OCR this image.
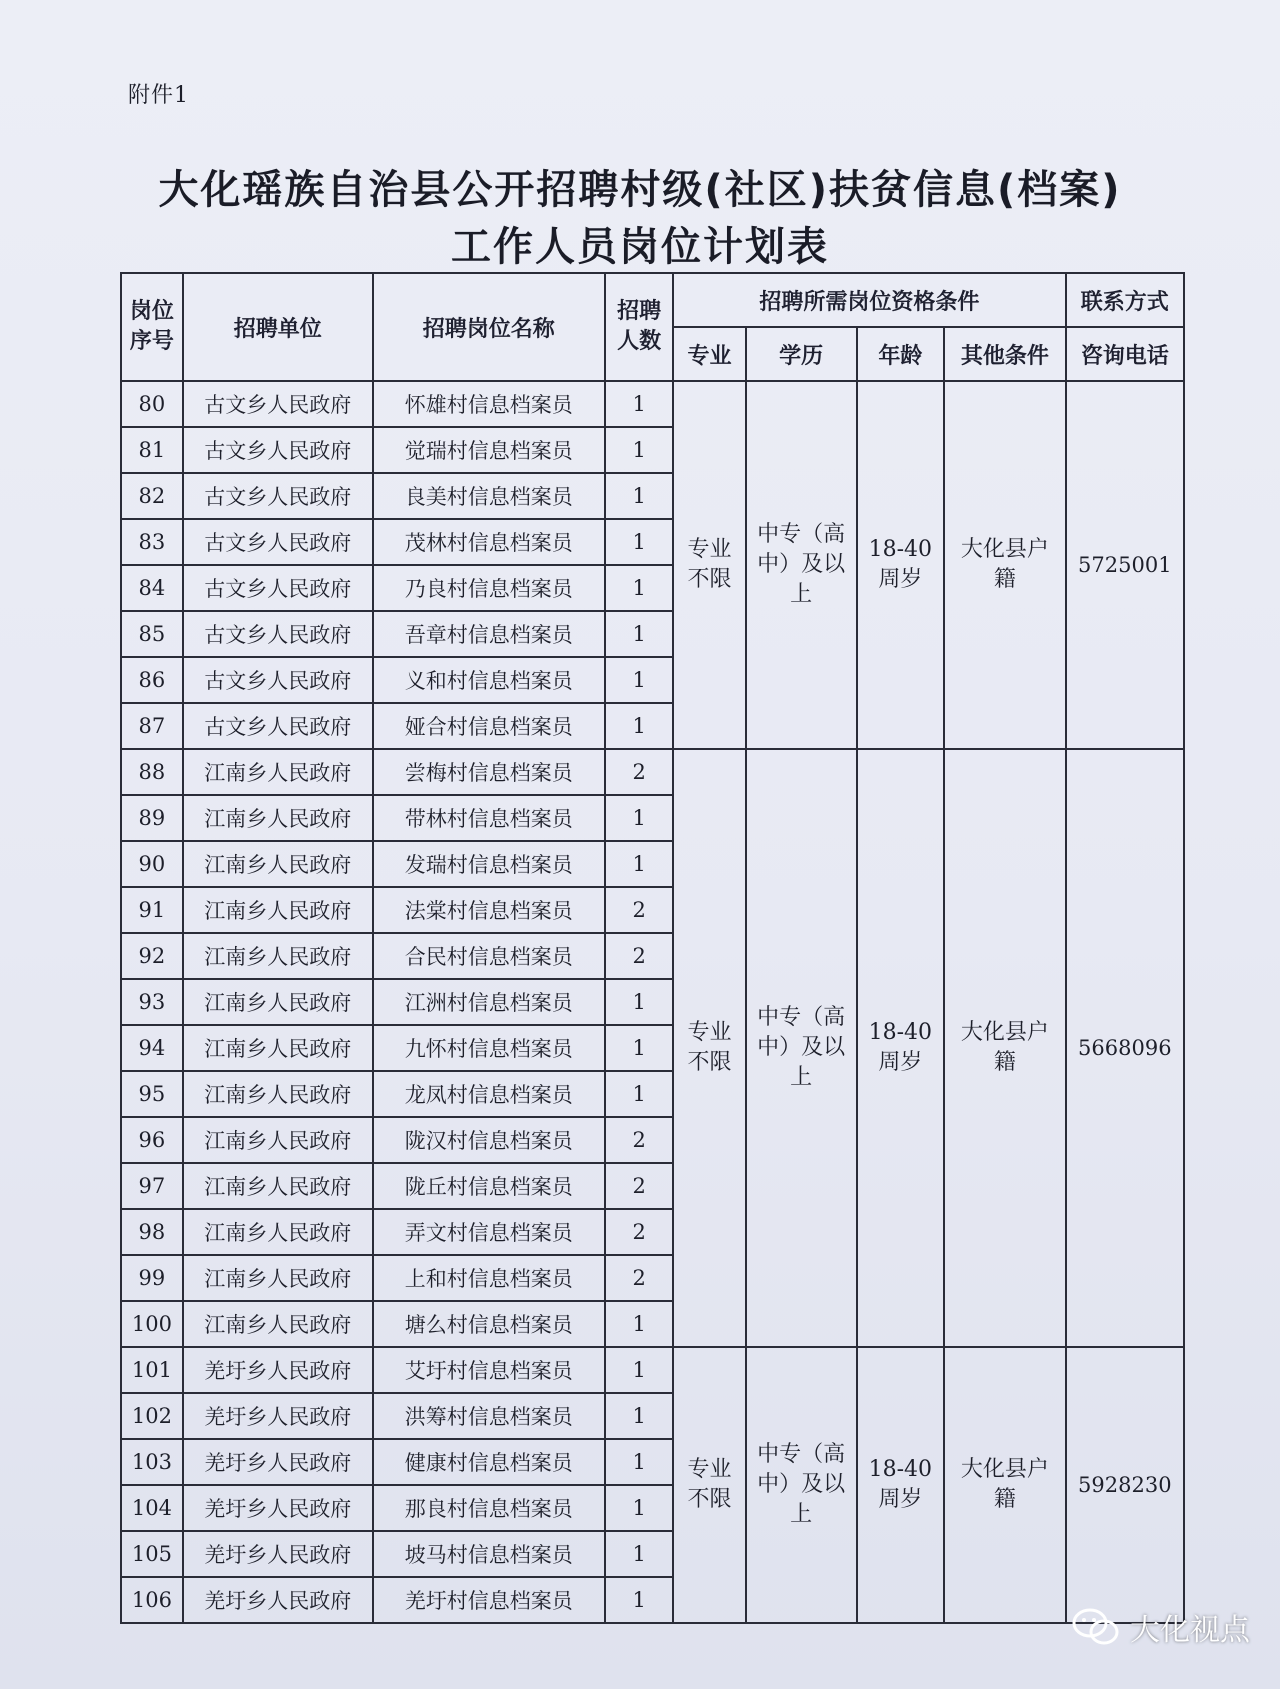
附件1
大化瑶族自治县公开招聘村级(社区)扶贫信息(档案)
工作人员岗位计划表
岗位序号	招聘单位	招聘岗位名称	招聘人数	招聘所需岗位资格条件				联系方式
				专业	学历	年龄	其他条件	咨询电话
80	古文乡人民政府	怀雄村信息档案员	1	专业不限	中专（高中）及以上	18-40周岁	大化县户籍	5725001
81	古文乡人民政府	觉瑞村信息档案员	1					
82	古文乡人民政府	良美村信息档案员	1					
83	古文乡人民政府	茂林村信息档案员	1					
84	古文乡人民政府	乃良村信息档案员	1					
85	古文乡人民政府	吾章村信息档案员	1					
86	古文乡人民政府	义和村信息档案员	1					
87	古文乡人民政府	娅合村信息档案员	1					
88	江南乡人民政府	尝梅村信息档案员	2	专业不限	中专（高中）及以上	18-40周岁	大化县户籍	5668096
89	江南乡人民政府	带林村信息档案员	1					
90	江南乡人民政府	发瑞村信息档案员	1					
91	江南乡人民政府	法棠村信息档案员	2					
92	江南乡人民政府	合民村信息档案员	2					
93	江南乡人民政府	江洲村信息档案员	1					
94	江南乡人民政府	九怀村信息档案员	1					
95	江南乡人民政府	龙凤村信息档案员	1					
96	江南乡人民政府	陇汉村信息档案员	2					
97	江南乡人民政府	陇丘村信息档案员	2					
98	江南乡人民政府	弄文村信息档案员	2					
99	江南乡人民政府	上和村信息档案员	2					
100	江南乡人民政府	塘么村信息档案员	1					
101	羌圩乡人民政府	艾圩村信息档案员	1	专业不限	中专（高中）及以上	18-40周岁	大化县户籍	5928230
102	羌圩乡人民政府	洪筹村信息档案员	1					
103	羌圩乡人民政府	健康村信息档案员	1					
104	羌圩乡人民政府	那良村信息档案员	1					
105	羌圩乡人民政府	坡马村信息档案员	1					
106	羌圩乡人民政府	羌圩村信息档案员	1					
大化视点
